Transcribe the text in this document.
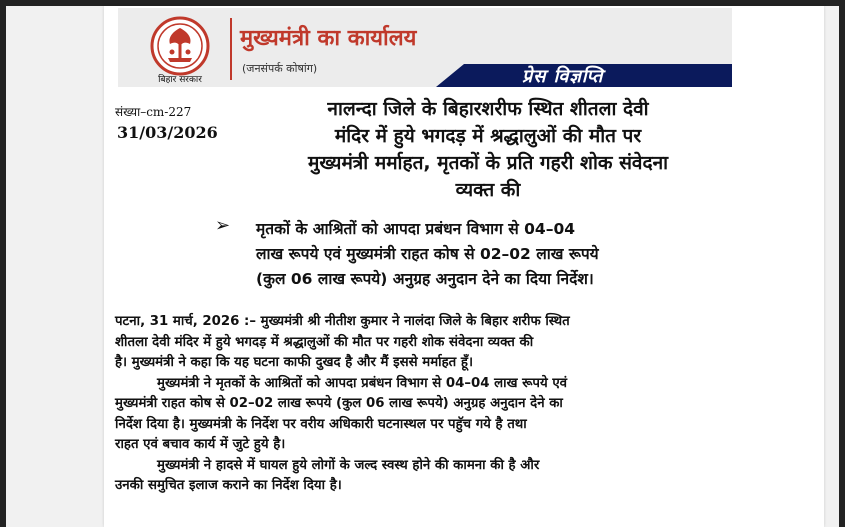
बिहार सरकार
मुख्यमंत्री का कार्यालय
(जनसंपर्क कोषांग)	प्रेस विज्ञप्ति
संख्या–cm-227
31/03/2026
नालन्दा जिले के बिहारशरीफ स्थित शीतला देवी
मंदिर में हुये भगदड़ में श्रद्धालुओं की मौत पर
मुख्यमंत्री मर्माहत, मृतकों के प्रति गहरी शोक संवेदना
व्यक्त की
➢ मृतकों के आश्रितों को आपदा प्रबंधन विभाग से 04–04
लाख रूपये एवं मुख्यमंत्री राहत कोष से 02–02 लाख रूपये
(कुल 06 लाख रूपये) अनुग्रह अनुदान देने का दिया निर्देश।
पटना, 31 मार्च, 2026 :– मुख्यमंत्री श्री नीतीश कुमार ने नालंदा जिले के बिहार शरीफ स्थित
शीतला देवी मंदिर में हुये भगदड़ में श्रद्धालुओं की मौत पर गहरी शोक संवेदना व्यक्त की
है। मुख्यमंत्री ने कहा कि यह घटना काफी दुखद है और मैं इससे मर्माहत हूॅं।
मुख्यमंत्री ने मृतकों के आश्रितों को आपदा प्रबंधन विभाग से 04–04 लाख रूपये एवं
मुख्यमंत्री राहत कोष से 02–02 लाख रूपये (कुल 06 लाख रूपये) अनुग्रह अनुदान देने का
निर्देश दिया है। मुख्यमंत्री के निर्देश पर वरीय अधिकारी घटनास्थल पर पहुॅच गये है तथा
राहत एवं बचाव कार्य में जुटे हुये है।
मुख्यमंत्री ने हादसे में घायल हुये लोगों के जल्द स्वस्थ होने की कामना की है और
उनकी समुचित इलाज कराने का निर्देश दिया है।
